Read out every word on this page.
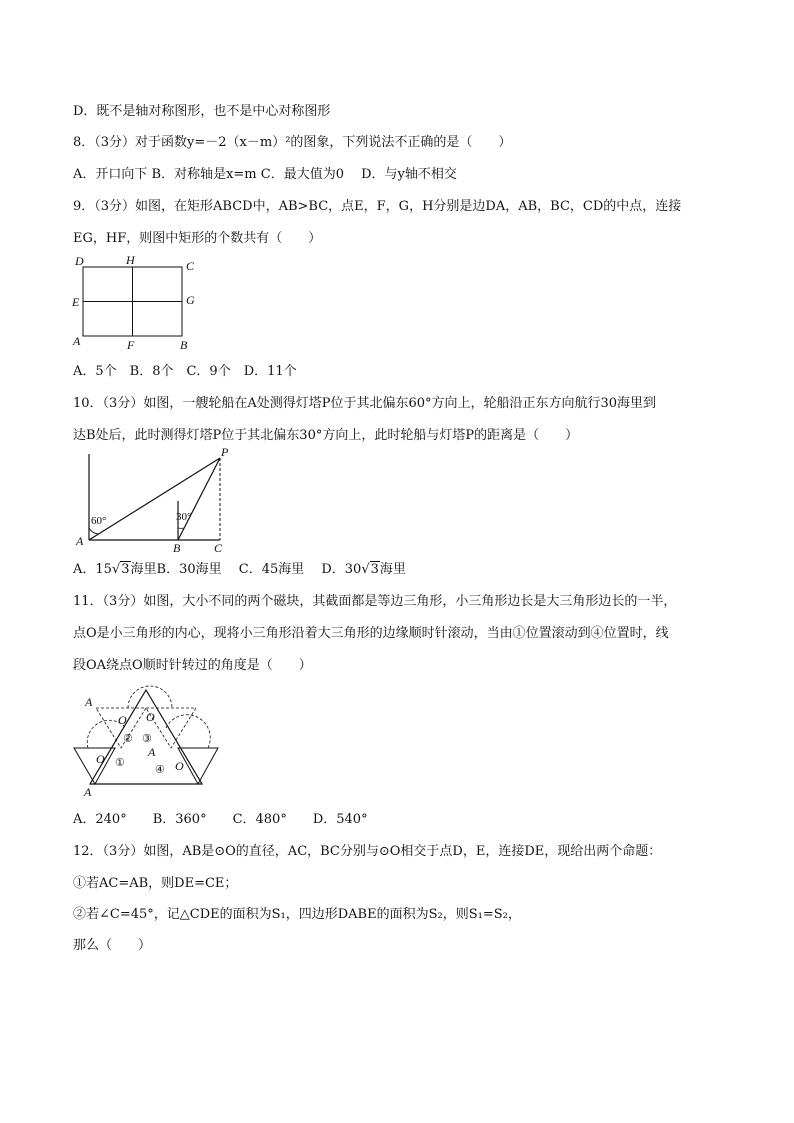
D．既不是轴对称图形，也不是中心对称图形
8．（3分）对于函数y=－2（x－m）²的图象，下列说法不正确的是（　　）
A．开口向下 B．对称轴是x=m C．最大值为0　 D．与y轴不相交
9．（3分）如图，在矩形ABCD中，AB>BC，点E，F，G，H分别是边DA，AB，BC，CD的中点，连接
EG，HF，则图中矩形的个数共有（　　）
D	H	C
E	G
A	F	B
A．5个　B．8个　C．9个　D．11个
10．（3分）如图，一艘轮船在A处测得灯塔P位于其北偏东60°方向上，轮船沿正东方向航行30海里到
达B处后，此时测得灯塔P位于其北偏东30°方向上，此时轮船与灯塔P的距离是（　　）
60°	30°
P
A	B	C
A．15√3海里B．30海里　 C．45海里　 D．30√3海里
11．（3分）如图，大小不同的两个磁块，其截面都是等边三角形，小三角形边长是大三角形边长的一半，
点O是小三角形的内心，现将小三角形沿着大三角形的边缘顺时针滚动，当由①位置滚动到④位置时，线
段OA绕点O顺时针转过的角度是（　　）
A
O O
O	A
O
A
①
② ③
④
A．240°　　B．360°　　C．480°　　D．540°
12．（3分）如图，AB是⊙O的直径，AC，BC分别与⊙O相交于点D，E，连接DE，现给出两个命题：
①若AC=AB，则DE=CE；
②若∠C=45°，记△CDE的面积为S₁，四边形DABE的面积为S₂，则S₁=S₂，
那么（　　）
